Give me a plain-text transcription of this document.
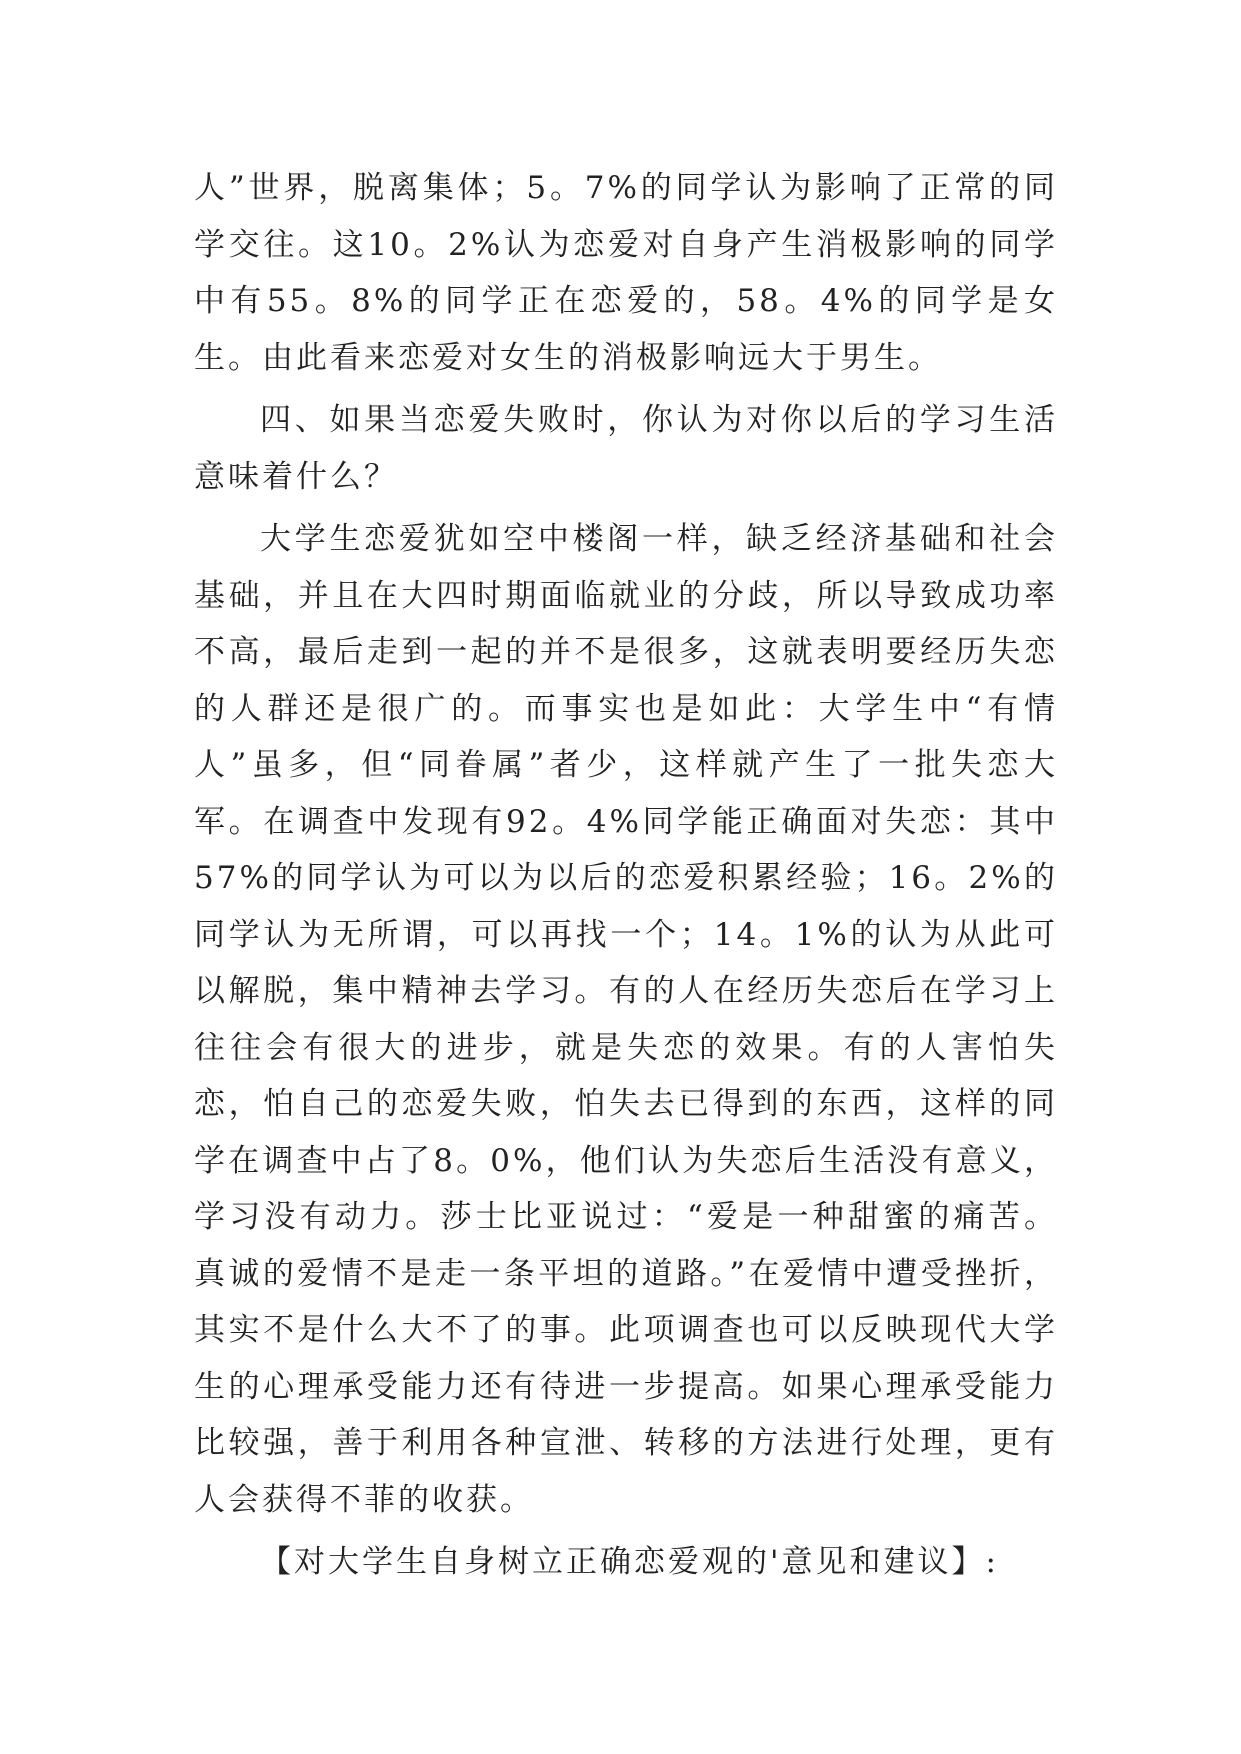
人”世界，脱离集体；5。7%的同学认为影响了正常的同学交往。这10。2%认为恋爱对自身产生消极影响的同学中有55。8%的同学正在恋爱的，58。4%的同学是女生。由此看来恋爱对女生的消极影响远大于男生。

四、如果当恋爱失败时，你认为对你以后的学习生活意味着什么？

大学生恋爱犹如空中楼阁一样，缺乏经济基础和社会基础，并且在大四时期面临就业的分歧，所以导致成功率不高，最后走到一起的并不是很多，这就表明要经历失恋的人群还是很广的。而事实也是如此：大学生中“有情人”虽多，但“同眷属”者少，这样就产生了一批失恋大军。在调查中发现有92。4%同学能正确面对失恋：其中57%的同学认为可以为以后的恋爱积累经验；16。2%的同学认为无所谓，可以再找一个；14。1%的认为从此可以解脱，集中精神去学习。有的人在经历失恋后在学习上往往会有很大的进步，就是失恋的效果。有的人害怕失恋，怕自己的恋爱失败，怕失去已得到的东西，这样的同学在调查中占了8。0%，他们认为失恋后生活没有意义，学习没有动力。莎士比亚说过：“爱是一种甜蜜的痛苦。真诚的爱情不是走一条平坦的道路。”在爱情中遭受挫折，其实不是什么大不了的事。此项调查也可以反映现代大学生的心理承受能力还有待进一步提高。如果心理承受能力比较强，善于利用各种宣泄、转移的方法进行处理，更有人会获得不菲的收获。

【对大学生自身树立正确恋爱观的'意见和建议】:
